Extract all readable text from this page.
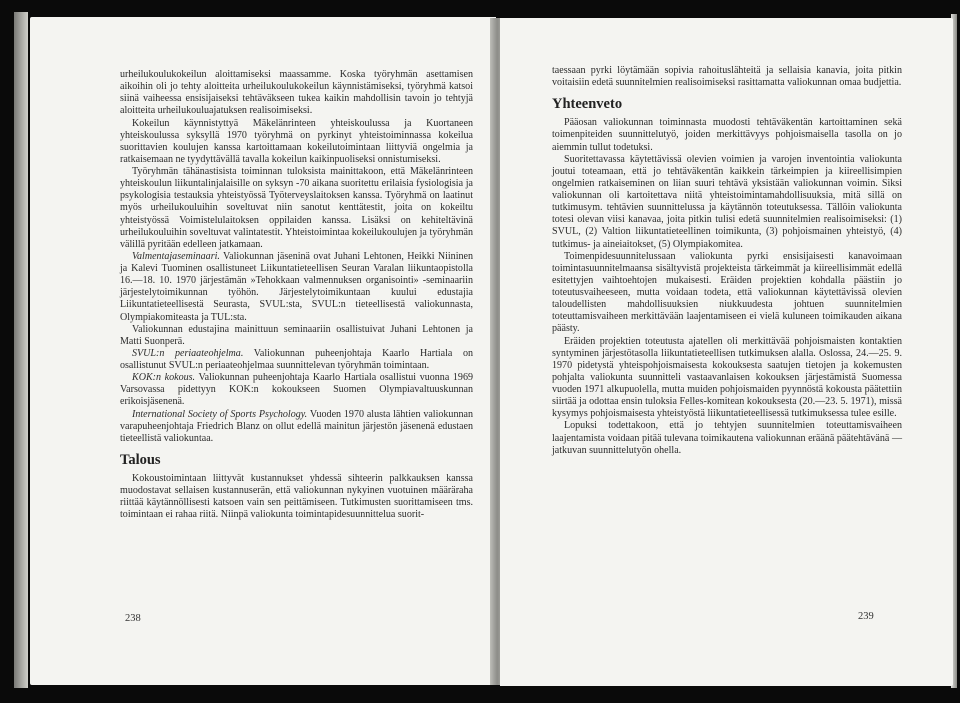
urheilukoulukokeilun aloittamiseksi maassamme. Koska työryhmän asettamisen aikoihin oli jo tehty aloitteita urheilukoulukokeilun käynnistämiseksi, työryhmä katsoi siinä vaiheessa ensisijaiseksi tehtäväkseen tukea kaikin mahdollisin tavoin jo tehtyjä aloitteita urheilukouluajatuksen realisoimiseksi.

Kokeilun käynnistyttyä Mäkelänrinteen yhteiskoulussa ja Kuortaneen yhteiskoulussa syksyllä 1970 työryhmä on pyrkinyt yhteistoiminnassa kokeilua suorittavien koulujen kanssa kartoittamaan kokeilutoimintaan liittyviä ongelmia ja ratkaisemaan ne tyydyttävällä tavalla kokeilun kaikinpuoliseksi onnistumiseksi.

Työryhmän tähänastisista toiminnan tuloksista mainittakoon, että Mäkelänrinteen yhteiskoulun liikuntalinjalaisille on syksyn -70 aikana suoritettu erilaisia fysiologisia ja psykologisia testauksia yhteistyössä Työterveyslaitoksen kanssa. Työryhmä on laatinut myös urheilukouluihin soveltuvat niin sanotut kenttätestit, joita on kokeiltu yhteistyössä Voimistelulaitoksen oppilaiden kanssa. Lisäksi on kehiteltävinä urheilukouluihin soveltuvat valintatestit. Yhteistoimintaa kokeilukoulujen ja työryhmän välillä pyritään edelleen jatkamaan.

Valmentajaseminaari. Valiokunnan jäseninä ovat Juhani Lehtonen, Heikki Niininen ja Kalevi Tuominen osallistuneet Liikuntatieteellisen Seuran Varalan liikuntaopistolla 16.—18. 10. 1970 järjestämän »Tehokkaan valmennuksen organisointi» -seminaariin järjestelytoimikunnan työhön. Järjestelytoimikuntaan kuului edustajia Liikuntatieteellisestä Seurasta, SVUL:sta, SVUL:n tieteellisestä valiokunnasta, Olympiakomiteasta ja TUL:sta.

Valiokunnan edustajina mainittuun seminaariin osallistuivat Juhani Lehtonen ja Matti Suonperä.

SVUL:n periaateohjelma. Valiokunnan puheenjohtaja Kaarlo Hartiala on osallistunut SVUL:n periaateohjelmaa suunnittelevan työryhmän toimintaan.

KOK:n kokous. Valiokunnan puheenjohtaja Kaarlo Hartiala osallistui vuonna 1969 Varsovassa pidettyyn KOK:n kokoukseen Suomen Olympiavaltuuskunnan erikoisjäsenenä.

International Society of Sports Psychology. Vuoden 1970 alusta lähtien valiokunnan varapuheenjohtaja Friedrich Blanz on ollut edellä mainitun järjestön jäsenenä edustaen tieteellistä valiokuntaa.

Talous

Kokoustoimintaan liittyvät kustannukset yhdessä sihteerin palkkauksen kanssa muodostavat sellaisen kustannuserän, että valiokunnan nykyinen vuotuinen määräraha riittää käytännöllisesti katsoen vain sen peittämiseen. Tutkimusten suorittamiseen tms. toimintaan ei rahaa riitä. Niinpä valiokunta toimintapidesuunnittelua suorit-

238

taessaan pyrki löytämään sopivia rahoituslähteitä ja sellaisia kanavia, joita pitkin voitaisiin edetä suunnitelmien realisoimiseksi rasittamatta valiokunnan omaa budjettia.

Yhteenveto

Pääosan valiokunnan toiminnasta muodosti tehtäväkentän kartoittaminen sekä toimenpiteiden suunnittelutyö, joiden merkittävyys pohjoismaisella tasolla on jo aiemmin tullut todetuksi.

Suoritettavassa käytettävissä olevien voimien ja varojen inventointia valiokunta joutui toteamaan, että jo tehtäväkentän kaikkein tärkeimpien ja kiireellisimpien ongelmien ratkaiseminen on liian suuri tehtävä yksistään valiokunnan voimin. Siksi valiokunnan oli kartoitettava niitä yhteistoimintamahdollisuuksia, mitä sillä on tutkimusym. tehtävien suunnittelussa ja käytännön toteutuksessa. Tällöin valiokunta totesi olevan viisi kanavaa, joita pitkin tulisi edetä suunnitelmien realisoimiseksi: (1) SVUL, (2) Valtion liikuntatieteellinen toimikunta, (3) pohjoismainen yhteistyö, (4) tutkimus- ja aineiaitokset, (5) Olympiakomitea.

Toimenpidesuunnitelussaan valiokunta pyrki ensisijaisesti kanavoimaan toimintasuunnitelmaansa sisältyvistä projekteista tärkeimmät ja kiireellisimmät edellä esitettyjen vaihtoehtojen mukaisesti. Eräiden projektien kohdalla päästiin jo toteutusvaiheeseen, mutta voidaan todeta, että valiokunnan käytettävissä olevien taloudellisten mahdollisuuksien niukkuudesta johtuen suunnitelmien toteuttamisvaiheen merkittävään laajentamiseen ei vielä kuluneen toimikauden aikana päästy.

Eräiden projektien toteutusta ajatellen oli merkittävää pohjoismaisten kontaktien syntyminen järjestötasolla liikuntatieteellisen tutkimuksen alalla. Oslossa, 24.—25. 9. 1970 pidetystä yhteispohjoismaisesta kokouksesta saatujen tietojen ja kokemusten pohjalta valiokunta suunnitteli vastaavanlaisen kokouksen järjestämistä Suomessa vuoden 1971 alkupuolella, mutta muiden pohjoismaiden pyynnöstä kokousta päätettiin siirtää ja odottaa ensin tuloksia Felles-komitean kokouksesta (20.—23. 5. 1971), missä kysymys pohjoismaisesta yhteistyöstä liikuntatieteellisessä tutkimuksessa tulee esille.

Lopuksi todettakoon, että jo tehtyjen suunnitelmien toteuttamisvaiheen laajentamista voidaan pitää tulevana toimikautena valiokunnan eräänä päätehtävänä — jatkuvan suunnittelutyön ohella.

239
